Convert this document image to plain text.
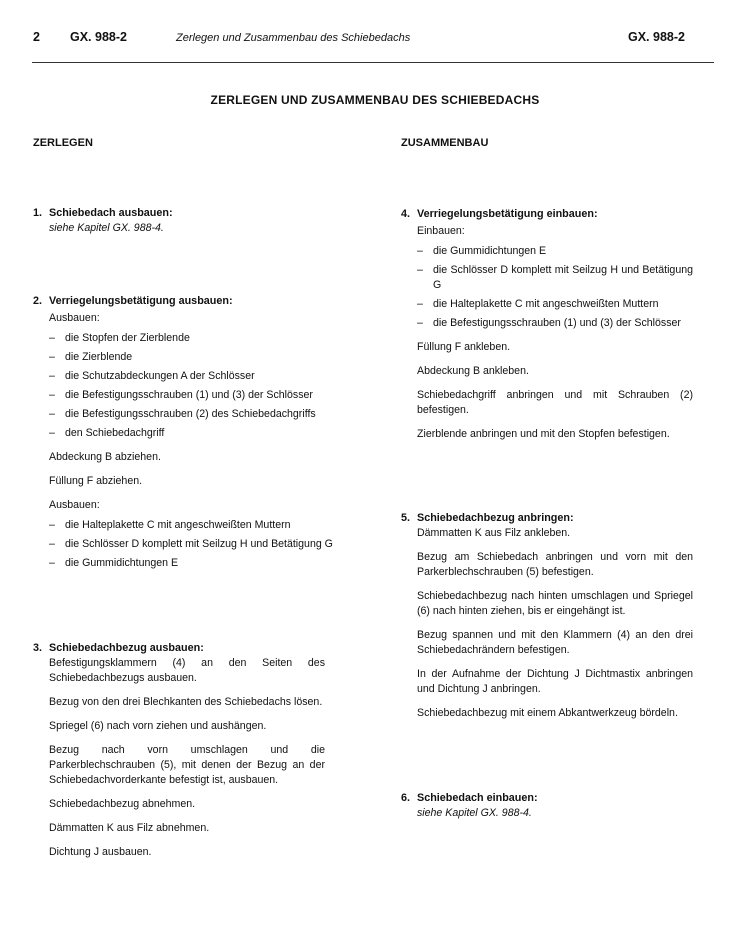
2 GX. 988-2	Zerlegen und Zusammenbau des Schiebedachs	GX. 988-2
ZERLEGEN UND ZUSAMMENBAU DES SCHIEBEDACHS
ZERLEGEN	ZUSAMMENBAU
1. Schiebedach ausbauen:

siehe Kapitel GX. 988-4.

2. Verriegelungsbetätigung ausbauen:

Ausbauen:

– die Stopfen der Zierblende
– die Zierblende
– die Schutzabdeckungen A der Schlösser
– die Befestigungsschrauben (1) und (3) der Schlösser
– die Befestigungsschrauben (2) des Schiebedachgriffs
– den Schiebedachgriff

Abdeckung B abziehen.

Füllung F abziehen.

Ausbauen:

– die Halteplakette C mit angeschweißten Muttern
– die Schlösser D komplett mit Seilzug H und Betätigung G
– die Gummidichtungen E
3. Schiebedachbezug ausbauen:

Befestigungsklammern (4) an den Seiten des Schiebedachbezugs ausbauen.

Bezug von den drei Blechkanten des Schiebedachs lösen.

Spriegel (6) nach vorn ziehen und aushängen.

Bezug nach vorn umschlagen und die Parkerblechschrauben (5), mit denen der Bezug an der Schiebedachvorderkante befestigt ist, ausbauen.

Schiebedachbezug abnehmen.

Dämmatten K aus Filz abnehmen.

Dichtung J ausbauen.

4. Verriegelungsbetätigung einbauen:

Einbauen:

– die Gummidichtungen E
– die Schlösser D komplett mit Seilzug H und Betätigung G
– die Halteplakette C mit angeschweißten Muttern
– die Befestigungsschrauben (1) und (3) der Schlösser

Füllung F ankleben.

Abdeckung B ankleben.

Schiebedachgriff anbringen und mit Schrauben (2) befestigen.

Zierblende anbringen und mit den Stopfen befestigen.

5. Schiebedachbezug anbringen:

Dämmatten K aus Filz ankleben.

Bezug am Schiebedach anbringen und vorn mit den Parkerblechschrauben (5) befestigen.

Schiebedachbezug nach hinten umschlagen und Spriegel (6) nach hinten ziehen, bis er eingehängt ist.

Bezug spannen und mit den Klammern (4) an den drei Schiebedachrändern befestigen.

In der Aufnahme der Dichtung J Dichtmastix anbringen und Dichtung J anbringen.

Schiebedachbezug mit einem Abkantwerkzeug bördeln.

6. Schiebedach einbauen:

siehe Kapitel GX. 988-4.
